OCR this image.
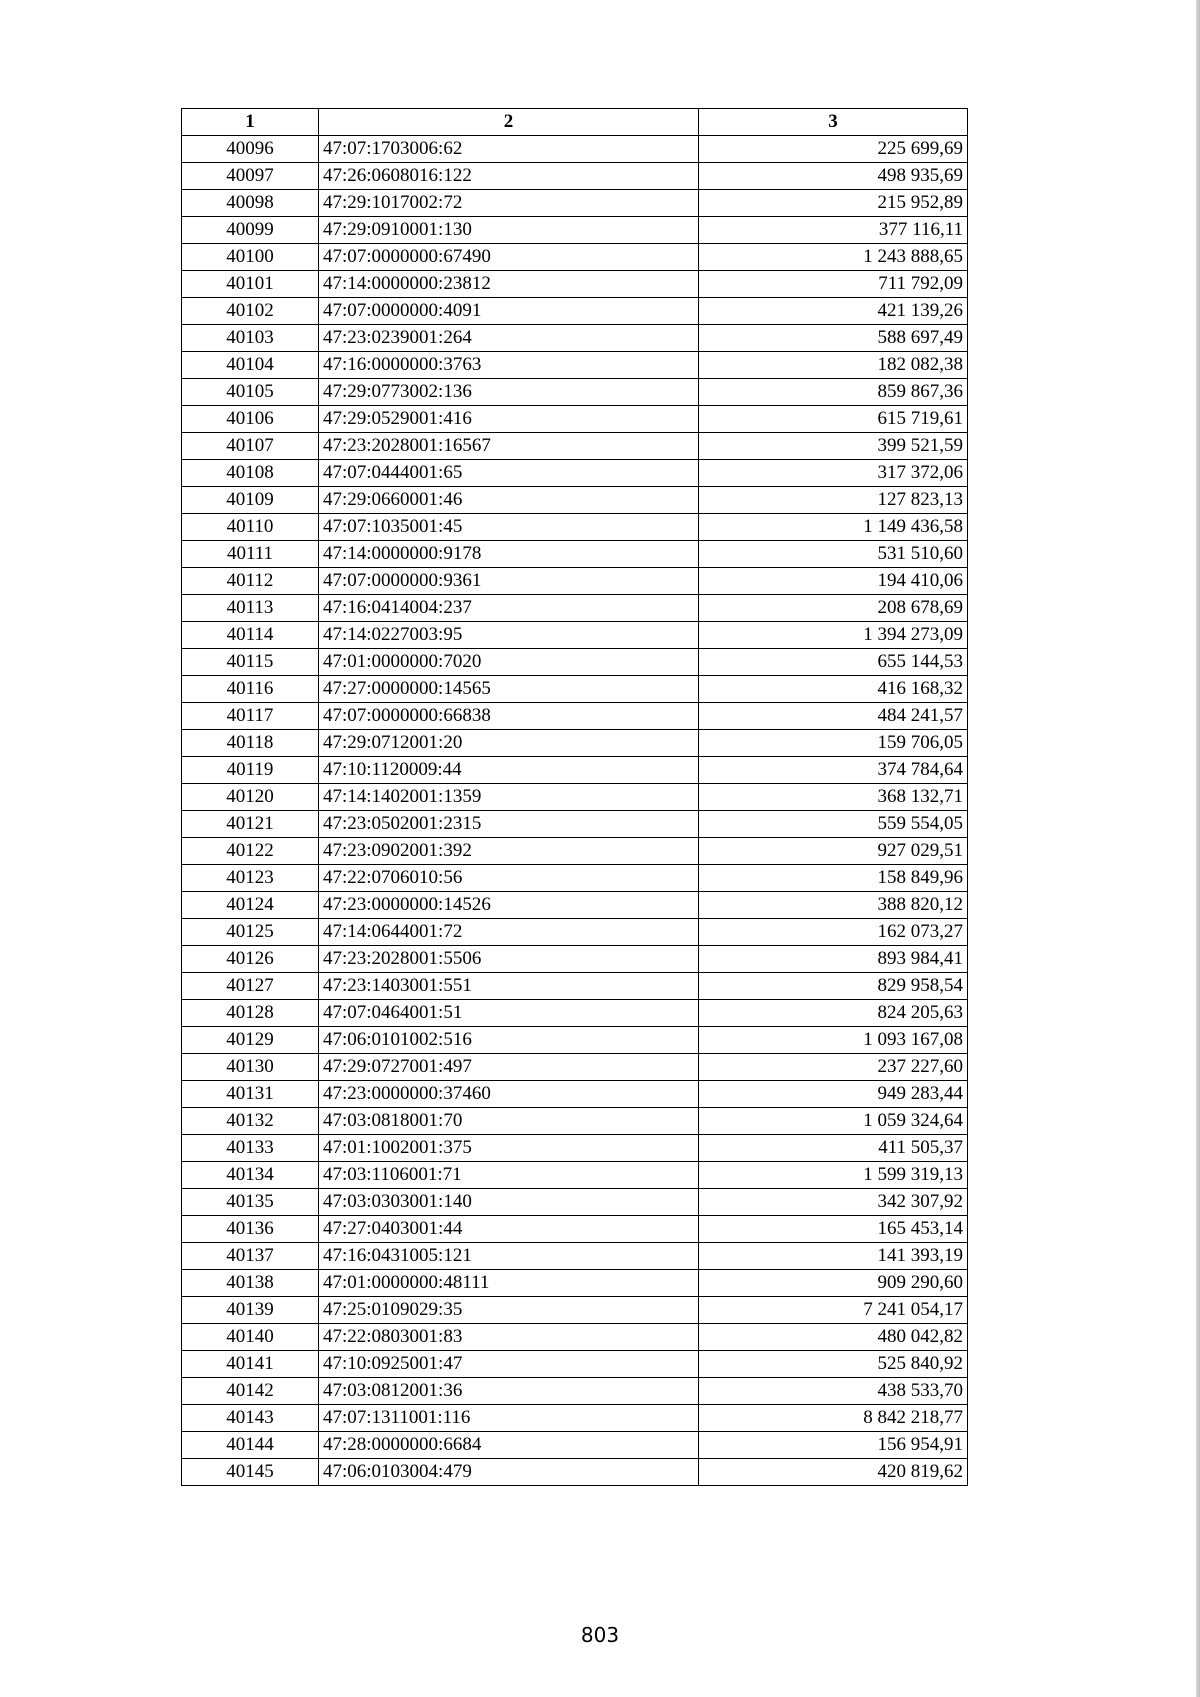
1	2	3
40096	47:07:1703006:62	225 699,69
40097	47:26:0608016:122	498 935,69
40098	47:29:1017002:72	215 952,89
40099	47:29:0910001:130	377 116,11
40100	47:07:0000000:67490	1 243 888,65
40101	47:14:0000000:23812	711 792,09
40102	47:07:0000000:4091	421 139,26
40103	47:23:0239001:264	588 697,49
40104	47:16:0000000:3763	182 082,38
40105	47:29:0773002:136	859 867,36
40106	47:29:0529001:416	615 719,61
40107	47:23:2028001:16567	399 521,59
40108	47:07:0444001:65	317 372,06
40109	47:29:0660001:46	127 823,13
40110	47:07:1035001:45	1 149 436,58
40111	47:14:0000000:9178	531 510,60
40112	47:07:0000000:9361	194 410,06
40113	47:16:0414004:237	208 678,69
40114	47:14:0227003:95	1 394 273,09
40115	47:01:0000000:7020	655 144,53
40116	47:27:0000000:14565	416 168,32
40117	47:07:0000000:66838	484 241,57
40118	47:29:0712001:20	159 706,05
40119	47:10:1120009:44	374 784,64
40120	47:14:1402001:1359	368 132,71
40121	47:23:0502001:2315	559 554,05
40122	47:23:0902001:392	927 029,51
40123	47:22:0706010:56	158 849,96
40124	47:23:0000000:14526	388 820,12
40125	47:14:0644001:72	162 073,27
40126	47:23:2028001:5506	893 984,41
40127	47:23:1403001:551	829 958,54
40128	47:07:0464001:51	824 205,63
40129	47:06:0101002:516	1 093 167,08
40130	47:29:0727001:497	237 227,60
40131	47:23:0000000:37460	949 283,44
40132	47:03:0818001:70	1 059 324,64
40133	47:01:1002001:375	411 505,37
40134	47:03:1106001:71	1 599 319,13
40135	47:03:0303001:140	342 307,92
40136	47:27:0403001:44	165 453,14
40137	47:16:0431005:121	141 393,19
40138	47:01:0000000:48111	909 290,60
40139	47:25:0109029:35	7 241 054,17
40140	47:22:0803001:83	480 042,82
40141	47:10:0925001:47	525 840,92
40142	47:03:0812001:36	438 533,70
40143	47:07:1311001:116	8 842 218,77
40144	47:28:0000000:6684	156 954,91
40145	47:06:0103004:479	420 819,62
803
